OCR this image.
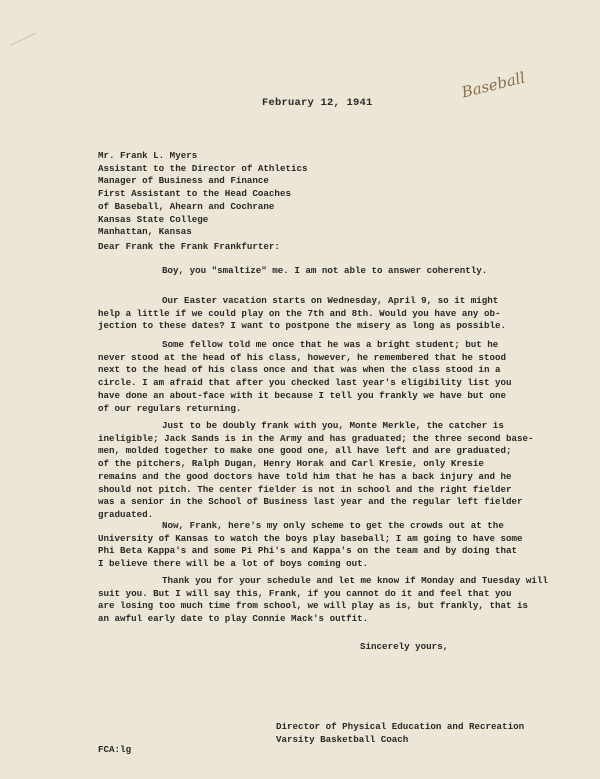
February 12, 1941
Baseball
Mr. Frank L. Myers
Assistant to the Director of Athletics
Manager of Business and Finance
First Assistant to the Head Coaches
of Baseball, Ahearn and Cochrane
Kansas State College
Manhattan, Kansas
Dear Frank the Frank Frankfurter:
Boy, you "smaltize" me. I am not able to answer coherently.
Our Easter vacation starts on Wednesday, April 9, so it might
help a little if we could play on the 7th and 8th. Would you have any ob-
jection to these dates? I want to postpone the misery as long as possible.
Some fellow told me once that he was a bright student; but he
never stood at the head of his class, however, he remembered that he stood
next to the head of his class once and that was when the class stood in a
circle. I am afraid that after you checked last year's eligibility list you
have done an about-face with it because I tell you frankly we have but one
of our regulars returning.
Just to be doubly frank with you, Monte Merkle, the catcher is
ineligible; Jack Sands is in the Army and has graduated; the three second base-
men, molded together to make one good one, all have left and are graduated;
of the pitchers, Ralph Dugan, Henry Horak and Carl Kresie, only Kresie
remains and the good doctors have told him that he has a back injury and he
should not pitch. The center fielder is not in school and the right fielder
was a senior in the School of Business last year and the regular left fielder
graduated.
Now, Frank, here's my only scheme to get the crowds out at the
University of Kansas to watch the boys play baseball; I am going to have some
Phi Beta Kappa's and some Pi Phi's and Kappa's on the team and by doing that
I believe there will be a lot of boys coming out.
Thank you for your schedule and let me know if Monday and Tuesday will
suit you. But I will say this, Frank, if you cannot do it and feel that you
are losing too much time from school, we will play as is, but frankly, that is
an awful early date to play Connie Mack's outfit.
Sincerely yours,
Director of Physical Education and Recreation
Varsity Basketball Coach
FCA:lg
